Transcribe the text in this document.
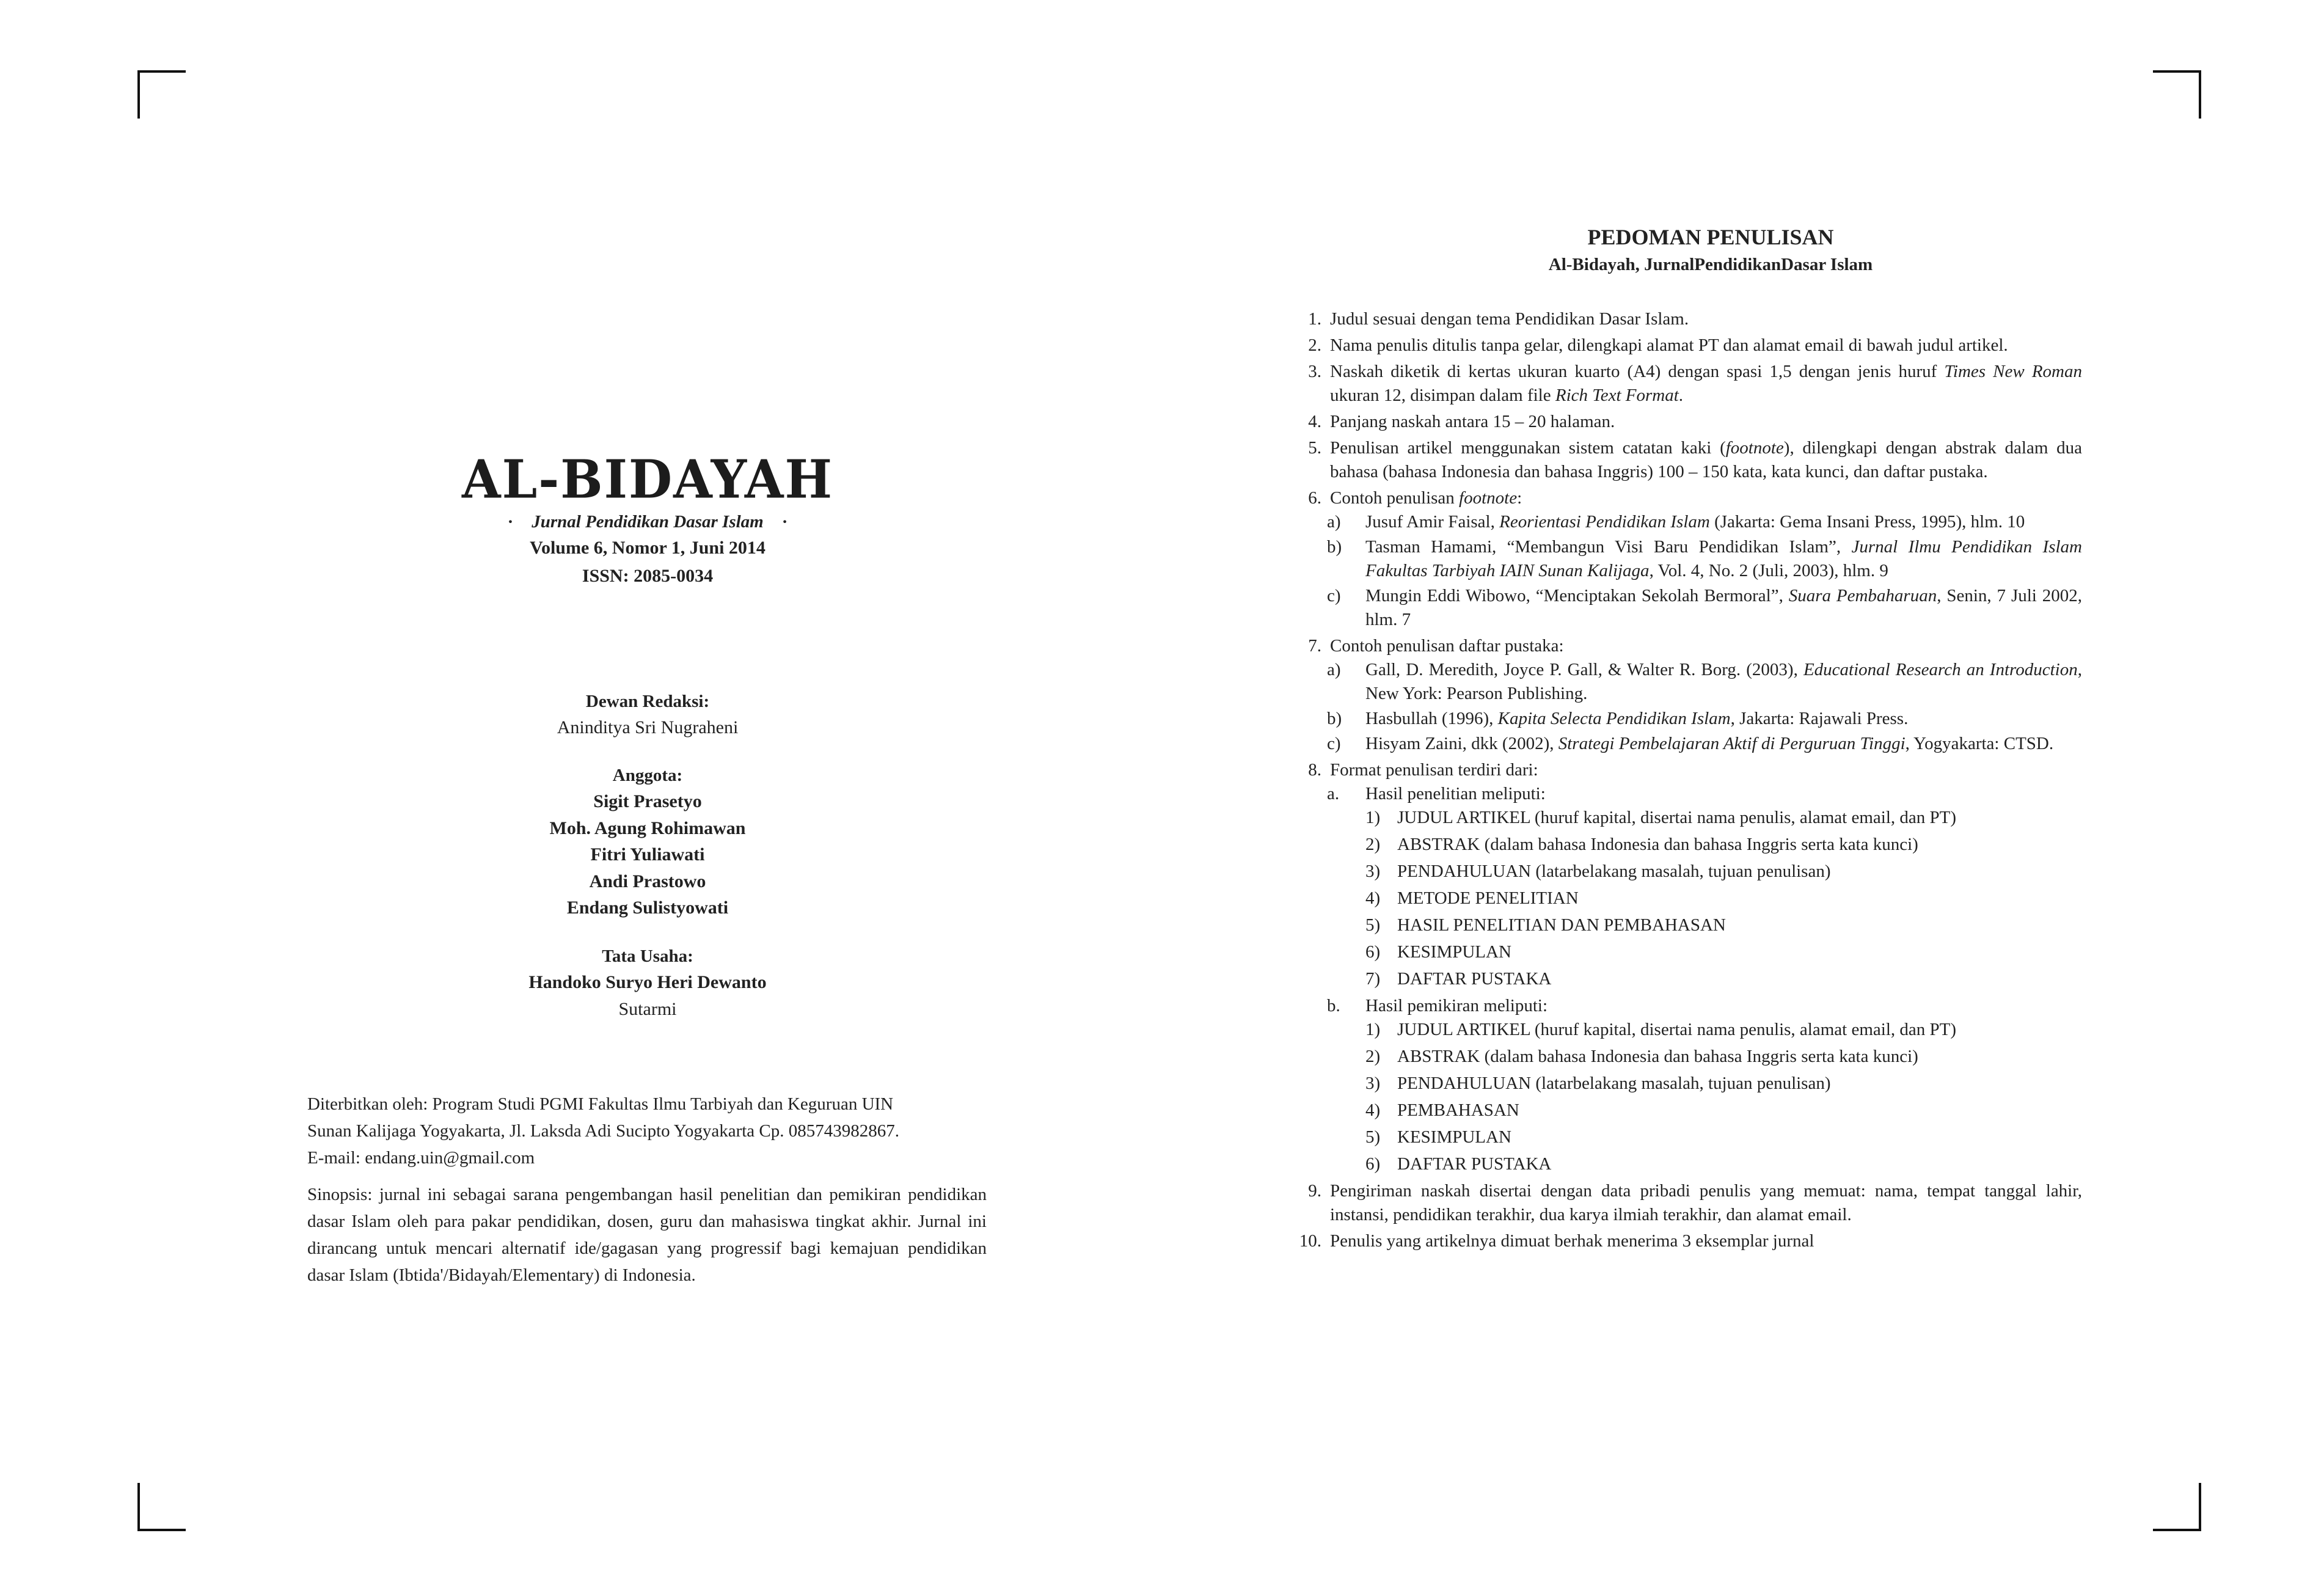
AL-BIDAYAH
· Jurnal Pendidikan Dasar Islam ·
Volume 6, Nomor 1, Juni 2014
ISSN: 2085-0034
Dewan Redaksi:
Aninditya Sri Nugraheni
Anggota:
Sigit Prasetyo
Moh. Agung Rohimawan
Fitri Yuliawati
Andi Prastowo
Endang Sulistyowati
Tata Usaha:
Handoko Suryo Heri Dewanto
Sutarmi

Diterbitkan oleh: Program Studi PGMI Fakultas Ilmu Tarbiyah dan Keguruan UIN
Sunan Kalijaga Yogyakarta, Jl. Laksda Adi Sucipto Yogyakarta Cp. 085743982867.
E-mail: endang.uin@gmail.com

Sinopsis: jurnal ini sebagai sarana pengembangan hasil penelitian dan pemikiran pendidikan dasar Islam oleh para pakar pendidikan, dosen, guru dan mahasiswa tingkat akhir. Jurnal ini dirancang untuk mencari alternatif ide/gagasan yang progressif bagi kemajuan pendidikan dasar Islam (Ibtida'/Bidayah/Elementary) di Indonesia.

PEDOMAN PENULISAN
Al-Bidayah, JurnalPendidikanDasar Islam
1. Judul sesuai dengan tema Pendidikan Dasar Islam.
2. Nama penulis ditulis tanpa gelar, dilengkapi alamat PT dan alamat email di bawah judul artikel.
3. Naskah diketik di kertas ukuran kuarto (A4) dengan spasi 1,5 dengan jenis huruf Times New Roman ukuran 12, disimpan dalam file Rich Text Format.
4. Panjang naskah antara 15 – 20 halaman.
5. Penulisan artikel menggunakan sistem catatan kaki (footnote), dilengkapi dengan abstrak dalam dua bahasa (bahasa Indonesia dan bahasa Inggris) 100 – 150 kata, kata kunci, dan daftar pustaka.
6. Contoh penulisan footnote:
a)	Jusuf Amir Faisal, Reorientasi Pendidikan Islam (Jakarta: Gema Insani Press, 1995), hlm. 10
b)	Tasman Hamami, “Membangun Visi Baru Pendidikan Islam”, Jurnal Ilmu Pendidikan Islam Fakultas Tarbiyah IAIN Sunan Kalijaga, Vol. 4, No. 2 (Juli, 2003), hlm. 9
c)	Mungin Eddi Wibowo, “Menciptakan Sekolah Bermoral”, Suara Pembaharuan, Senin, 7 Juli 2002, hlm. 7
7. Contoh penulisan daftar pustaka:
a)	Gall, D. Meredith, Joyce P. Gall, & Walter R. Borg. (2003), Educational Research an Introduction, New York: Pearson Publishing.
b)	Hasbullah (1996), Kapita Selecta Pendidikan Islam, Jakarta: Rajawali Press.
c)	Hisyam Zaini, dkk (2002), Strategi Pembelajaran Aktif di Perguruan Tinggi, Yogyakarta: CTSD.
8. Format penulisan terdiri dari:
a.	Hasil penelitian meliputi:
1) JUDUL ARTIKEL (huruf kapital, disertai nama penulis, alamat email, dan PT)
2) ABSTRAK (dalam bahasa Indonesia dan bahasa Inggris serta kata kunci)
3) PENDAHULUAN (latarbelakang masalah, tujuan penulisan)
4) METODE PENELITIAN
5) HASIL PENELITIAN DAN PEMBAHASAN
6) KESIMPULAN
7) DAFTAR PUSTAKA
b.	Hasil pemikiran meliputi:
1) JUDUL ARTIKEL (huruf kapital, disertai nama penulis, alamat email, dan PT)
2) ABSTRAK (dalam bahasa Indonesia dan bahasa Inggris serta kata kunci)
3) PENDAHULUAN (latarbelakang masalah, tujuan penulisan)
4) PEMBAHASAN
5) KESIMPULAN
6) DAFTAR PUSTAKA
9. Pengiriman naskah disertai dengan data pribadi penulis yang memuat: nama, tempat tanggal lahir, instansi, pendidikan terakhir, dua karya ilmiah terakhir, dan alamat email.
10. Penulis yang artikelnya dimuat berhak menerima 3 eksemplar jurnal
